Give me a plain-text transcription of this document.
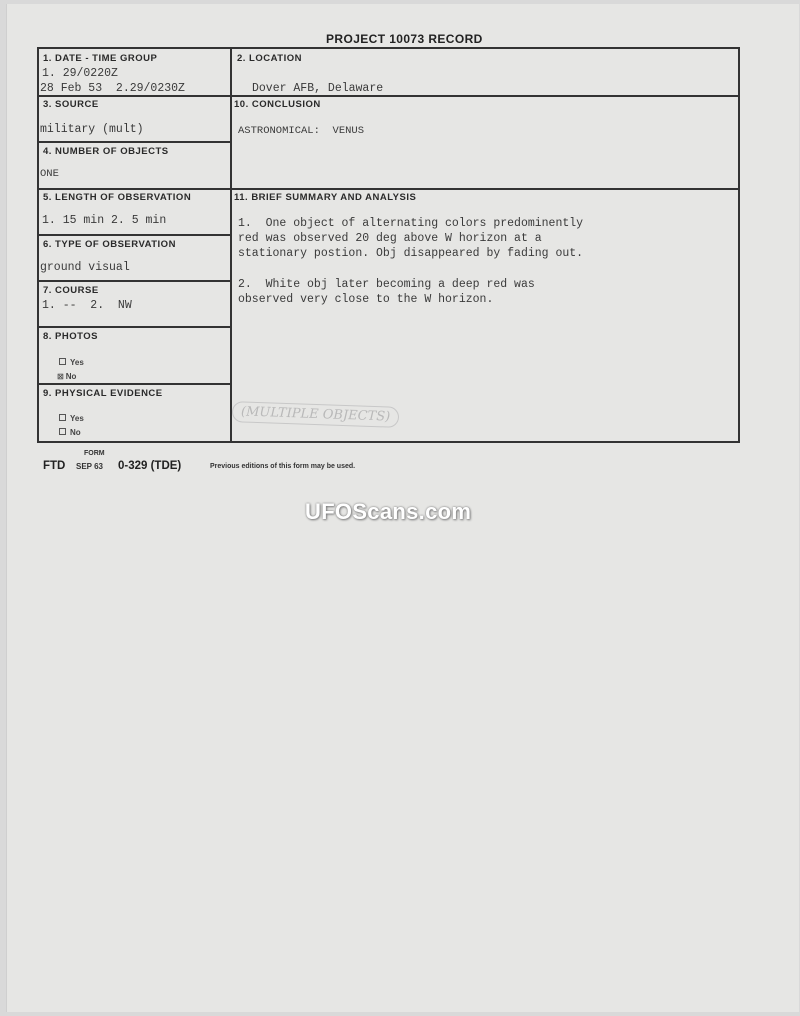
PROJECT 10073 RECORD
1. DATE - TIME GROUP
1. 29/0220Z
28 Feb 53  2.29/0230Z
2. LOCATION
Dover AFB, Delaware
3. SOURCE
military (mult)
10. CONCLUSION
ASTRONOMICAL:  VENUS
4. NUMBER OF OBJECTS
ONE
5. LENGTH OF OBSERVATION
1. 15 min 2. 5 min
6. TYPE OF OBSERVATION
ground visual
7. COURSE
1. --  2.  NW
8. PHOTOS
Yes
⊠ No
9. PHYSICAL EVIDENCE
Yes
No
11. BRIEF SUMMARY AND ANALYSIS
1.  One object of alternating colors predominently
red was observed 20 deg above W horizon at a
stationary postion. Obj disappeared by fading out.
2.  White obj later becoming a deep red was
observed very close to the W horizon.
(MULTIPLE OBJECTS)
FORM
FTD SEP 63 0-329 (TDE)	Previous editions of this form may be used.
UFOScans.com
